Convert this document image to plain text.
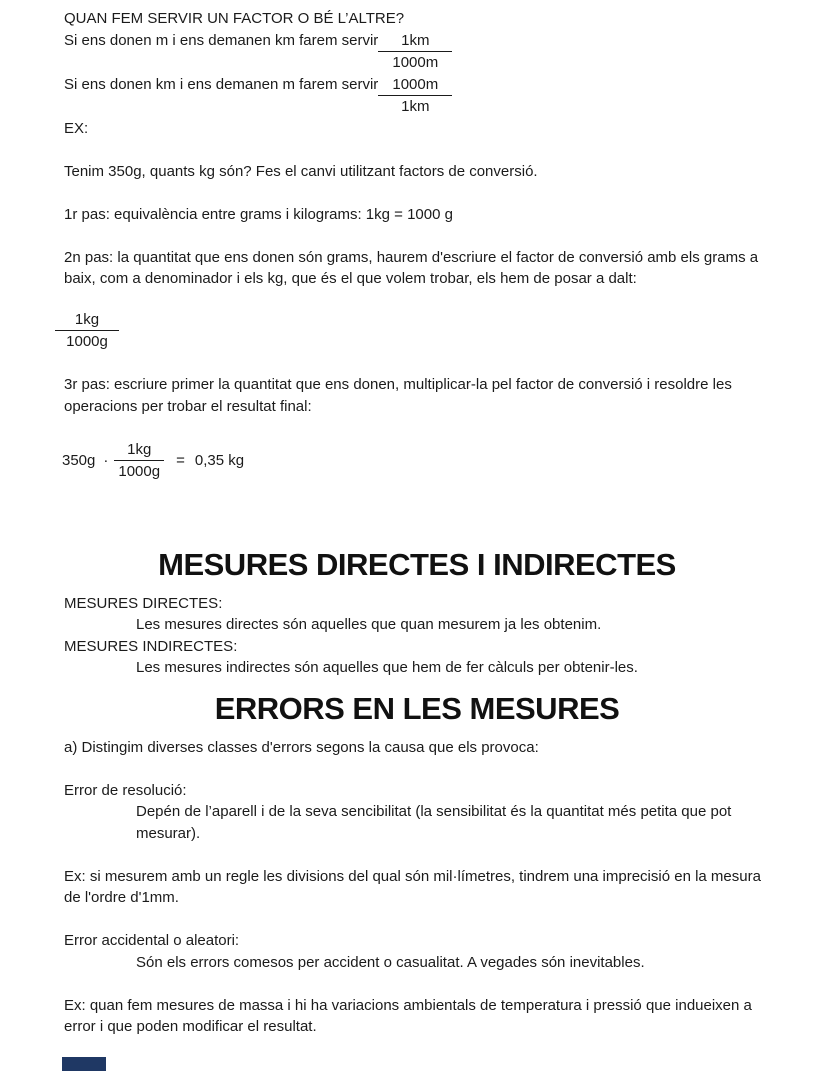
QUAN FEM SERVIR UN FACTOR O BÉ L’ALTRE?

Si ens donen m i ens demanen km farem servir $\frac{1km}{1000m}$
Si ens donen km i ens demanen m farem servir $\frac{1000m}{1km}$

EX:

Tenim 350g, quants kg són? Fes el canvi utilitzant factors de conversió.

1r pas: equivalència entre grams i kilograms: 1kg = 1000 g

2n pas: la quantitat que ens donen són grams, haurem d'escriure el factor de conversió amb els grams a baix, com a denominador i els kg, que és el que volem trobar, els hem de posar a dalt:

$\frac{1kg}{1000g}$

3r pas: escriure primer la quantitat que ens donen, multiplicar-la pel factor de conversió i resoldre les operacions per trobar el resultat final:

$350g \cdot \frac{1kg}{1000g} = 0,35$ kg
MESURES DIRECTES I INDIRECTES

MESURES DIRECTES:

Les mesures directes són aquelles que quan mesurem ja les obtenim.

MESURES INDIRECTES:

Les mesures indirectes són aquelles que hem de fer càlculs per obtenir-les.

ERRORS EN LES MESURES

a) Distingim diverses classes d'errors segons la causa que els provoca:

Error de resolució:

Depén de l’aparell i de la seva sencibilitat (la sensibilitat és la quantitat més petita que pot mesurar).

Ex: si mesurem amb un regle les divisions del qual són mil·límetres, tindrem una imprecisió en la mesura de l'ordre d'1mm.

Error accidental o aleatori:

Són els errors comesos per accident o casualitat. A vegades són inevitables.

Ex: quan fem mesures de massa i hi ha variacions ambientals de temperatura i pressió que indueixen a error i que poden modificar el resultat.
